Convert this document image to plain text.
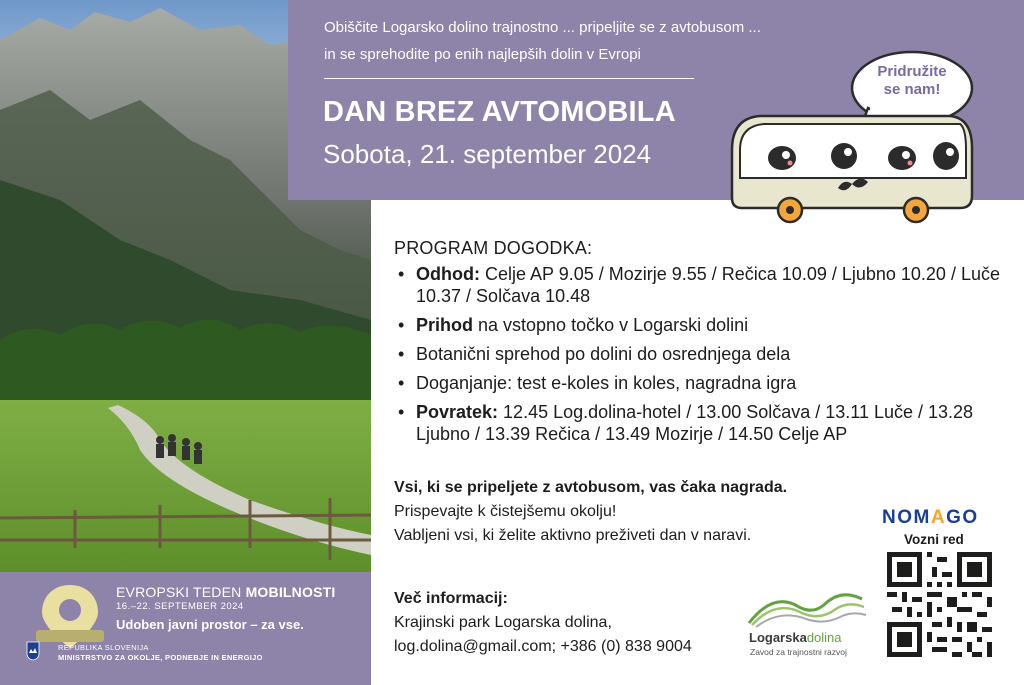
EVROPSKI TEDEN MOBILNOSTI
16.–22. SEPTEMBER 2024
Udoben javni prostor – za vse.
REPUBLIKA SLOVENIJA
MINISTRSTVO ZA OKOLJE, PODNEBJE IN ENERGIJO
Obiščite Logarsko dolino trajnostno ... pripeljite se z avtobusom ...
in se sprehodite po enih najlepših dolin v Evropi
DAN BREZ AVTOMOBILA
Sobota, 21. september 2024
Pridružite
se nam!
PROGRAM DOGODKA:
• Odhod: Celje AP 9.05 / Mozirje 9.55 / Rečica 10.09 / Ljubno 10.20 / Luče 10.37 / Solčava 10.48
• Prihod na vstopno točko v Logarski dolini
• Botanični sprehod po dolini do osrednjega dela
• Doganjanje: test e-koles in koles, nagradna igra
• Povratek: 12.45 Log.dolina-hotel / 13.00 Solčava / 13.11 Luče / 13.28 Ljubno / 13.39 Rečica / 13.49 Mozirje / 14.50 Celje AP
Vsi, ki se pripeljete z avtobusom, vas čaka nagrada.
Prispevajte k čistejšemu okolju!
Vabljeni vsi, ki želite aktivno preživeti dan v naravi.
Več informacij:
Krajinski park Logarska dolina,
log.dolina@gmail.com; +386 (0) 838 9004
Logarskadolina
Zavod za trajnostni razvoj
NOMAGO
Vozni red
